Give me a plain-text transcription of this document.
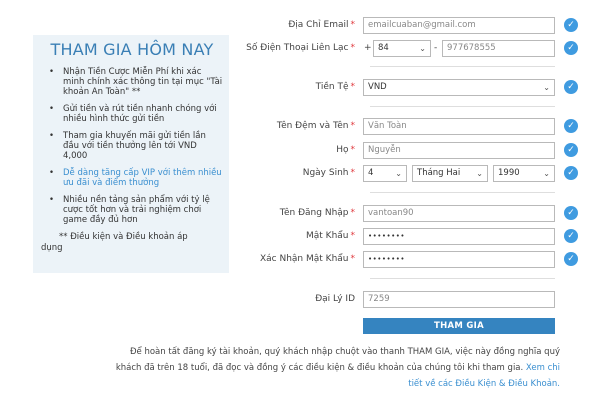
THAM GIA HÔM NAY
• Nhận Tiền Cược Miễn Phí khi xác minh chính xác thông tin tại mục "Tài khoản An Toàn" **
• Gửi tiền và rút tiền nhanh chóng với nhiều hình thức gửi tiền
• Tham gia khuyến mãi gửi tiền lần đầu với tiền thưởng lên tới VND 4,000
• Dễ dàng tăng cấp VIP với thêm nhiều ưu đãi và điểm thưởng
• Nhiều nền tảng sản phẩm với tỷ lệ cược tốt hơn và trải nghiệm chơi game đầy đủ hơn
** Điều kiện và Điều khoản áp
dụng
Địa Chỉ Email *	emailcuaban@gmail.com	✓
Số Điện Thoại Liên Lạc * + 84	⌄ -	977678555	✓
Tiền Tệ *	VND	⌄	✓
Tên Đệm và Tên *	Văn Toàn	✓
Họ *	Nguyễn	✓
Ngày Sinh *	4	⌄	Tháng Hai ⌄	1990	⌄	✓
Tên Đăng Nhập *	vantoan90	✓
Mật Khẩu *	••••••••	✓
Xác Nhận Mật Khẩu *	••••••••	✓
Đại Lý ID	7259
THAM GIA
Để hoàn tất đăng ký tài khoản, quý khách nhập chuột vào thanh THAM GIA, việc này đồng nghĩa quý
khách đã trên 18 tuổi, đã đọc và đồng ý các điều kiện & điều khoản của chúng tôi khi tham gia. Xem chi
tiết về các Điều Kiện & Điều Khoản.
